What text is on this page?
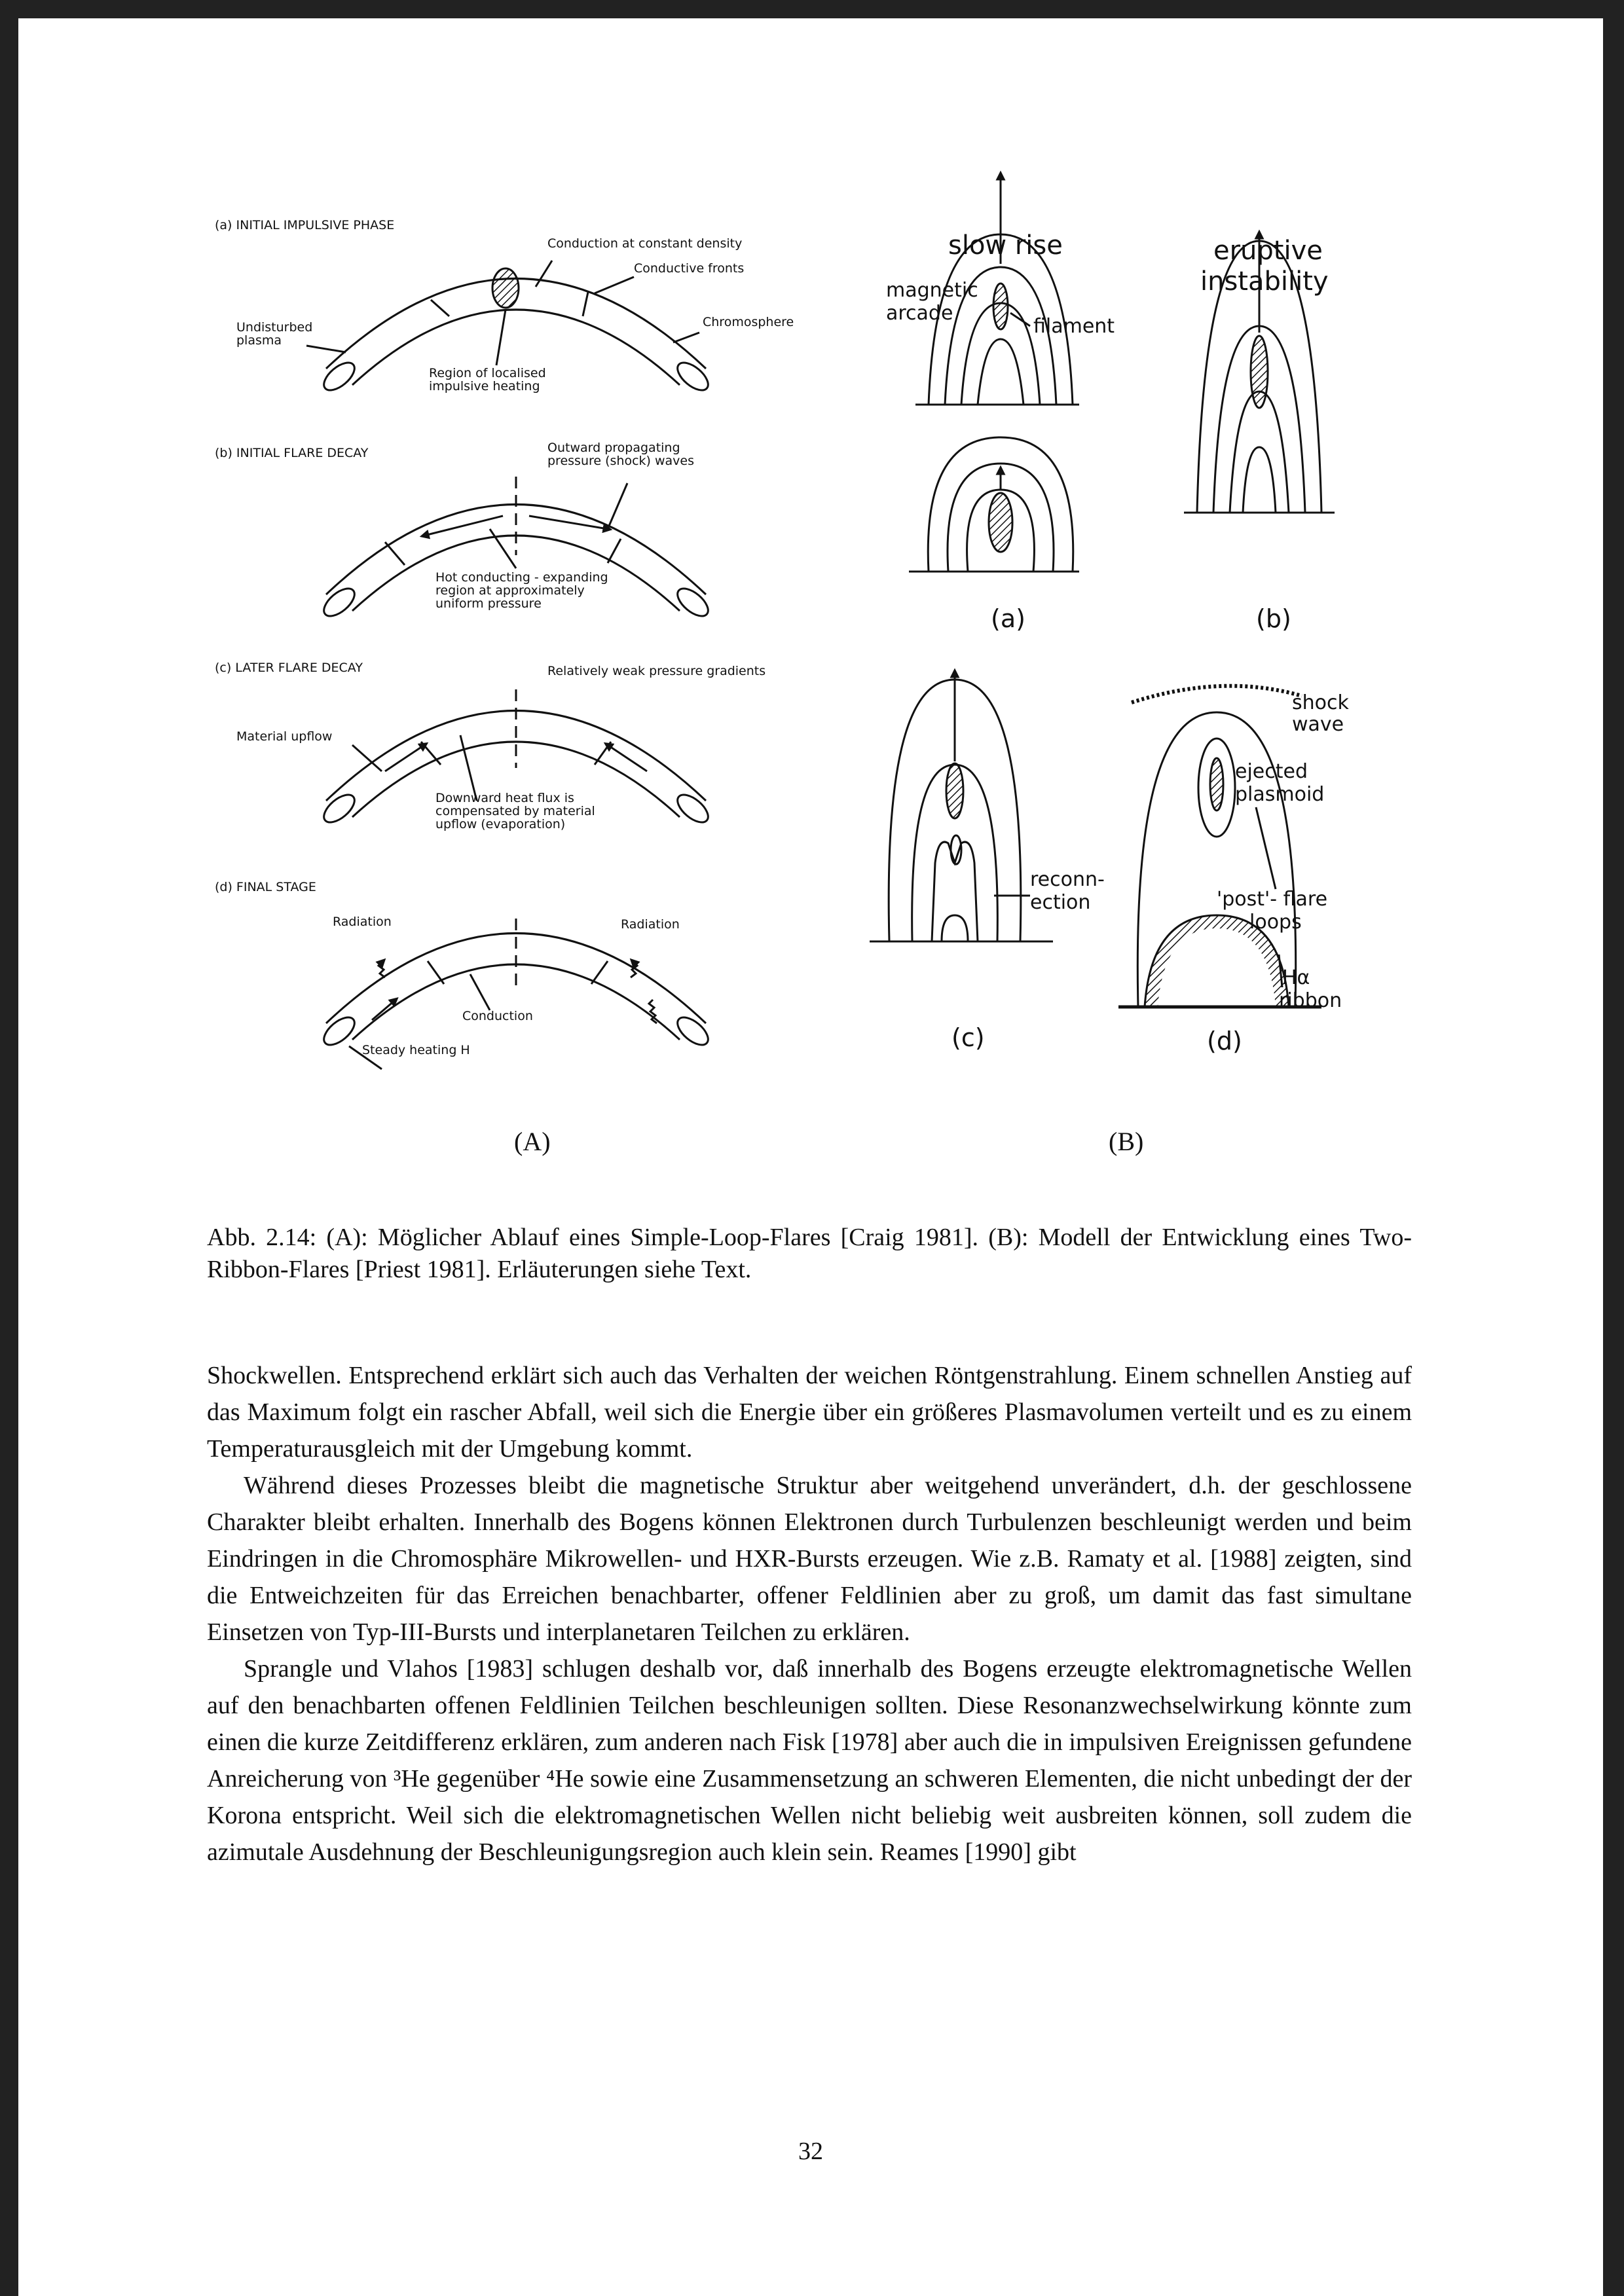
(a) INITIAL IMPULSIVE PHASE
Conduction at constant density
Conductive fronts
Undisturbed
plasma
Chromosphere
Region of localised
impulsive heating
(b) INITIAL FLARE DECAY	Outward propagating
pressure (shock) waves
Hot conducting - expanding
region at approximately
uniform pressure
(c) LATER FLARE DECAY	Relatively weak pressure gradients
Material upflow
Downward heat flux is
compensated by material
upflow (evaporation)
(d) FINAL STAGE
Radiation	Radiation
Conduction
Steady heating H
slow rise
magnetic
arcade
filament
eruptive
instability
(a)	(b)
reconn-
ection
(c)
shock
wave
ejected
plasmoid
'post'- flare
loops
Hα
ribbon
(d)
(A)	(B)
Abb. 2.14: (A): Möglicher Ablauf eines Simple-Loop-Flares [Craig 1981]. (B): Modell der Entwicklung eines Two-Ribbon-Flares [Priest 1981]. Erläuterungen siehe Text.

Shockwellen. Entsprechend erklärt sich auch das Verhalten der weichen Röntgenstrahlung. Einem schnellen Anstieg auf das Maximum folgt ein rascher Abfall, weil sich die Energie über ein größeres Plasmavolumen verteilt und es zu einem Temperaturausgleich mit der Umgebung kommt.

Während dieses Prozesses bleibt die magnetische Struktur aber weitgehend unverändert, d.h. der geschlossene Charakter bleibt erhalten. Innerhalb des Bogens können Elektronen durch Turbulenzen beschleunigt werden und beim Eindringen in die Chromosphäre Mikrowellen- und HXR-Bursts erzeugen. Wie z.B. Ramaty et al. [1988] zeigten, sind die Entweichzeiten für das Erreichen benachbarter, offener Feldlinien aber zu groß, um damit das fast simultane Einsetzen von Typ-III-Bursts und interplanetaren Teilchen zu erklären.

Sprangle und Vlahos [1983] schlugen deshalb vor, daß innerhalb des Bogens erzeugte elektromagnetische Wellen auf den benachbarten offenen Feldlinien Teilchen beschleunigen sollten. Diese Resonanzwechselwirkung könnte zum einen die kurze Zeitdifferenz erklären, zum anderen nach Fisk [1978] aber auch die in impulsiven Ereignissen gefundene Anreicherung von ³He gegenüber ⁴He sowie eine Zusammensetzung an schweren Elementen, die nicht unbedingt der der Korona entspricht. Weil sich die elektromagnetischen Wellen nicht beliebig weit ausbreiten können, soll zudem die azimutale Ausdehnung der Beschleunigungsregion auch klein sein. Reames [1990] gibt

32
